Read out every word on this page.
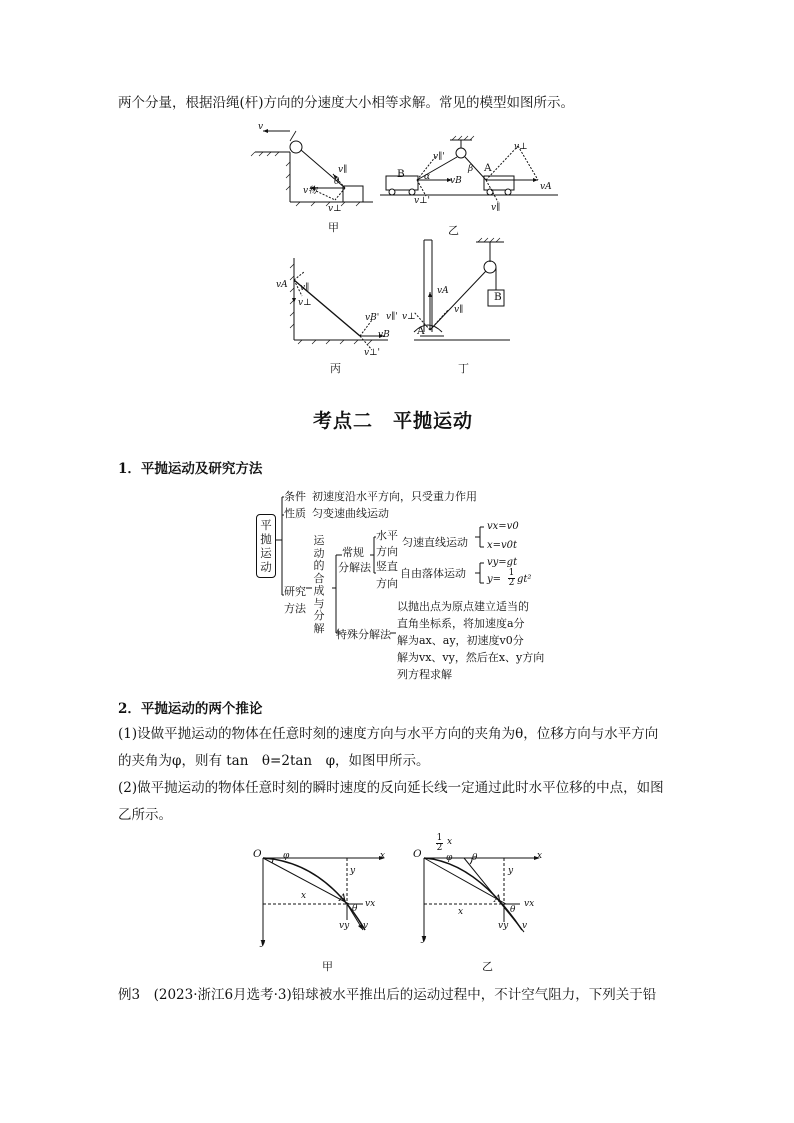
两个分量，根据沿绳(杆)方向的分速度大小相等求解。常见的模型如图所示。
v
v∥
θ
v物
v⊥
甲
v∥'
B α vB
v⊥'
β A
vA
v⊥
v∥
乙
vA v∥
v⊥
vB'
vB
v⊥'
v∥'
丙
B
vA
v∥
v⊥
A
丁
考点二　平抛运动
1．平抛运动及研究方法
平抛运动
条件 初速度沿水平方向，只受重力作用
性质 匀变速曲线运动
研究
方法
运动的合成与分解
常规
分解法
水平
方向
匀速直线运动
竖直
方向
自由落体运动
vx=v0
x=v0t
vy=gt
y=
1
2 gt²
特殊分解法
以抛出点为原点建立适当的
直角坐标系，将加速度a分
解为ax、ay，初速度v0分
解为vx、vy，然后在x、y方向
列方程求解
2．平抛运动的两个推论
(1)设做平抛运动的物体在任意时刻的速度方向与水平方向的夹角为θ，位移方向与水平方向
的夹角为φ，则有 tan　θ=2tan　φ，如图甲所示。
(2)做平抛运动的物体任意时刻的瞬时速度的反向延长线一定通过此时水平位移的中点，如图
乙所示。
O φ	x
y
x	A
θ vx
vy v
y
甲
$\frac{1}{2}$ x
O	φ θ	x
y
x
A
θ
vx
vy v
y
乙
例3　(2023·浙江6月选考·3)铅球被水平推出后的运动过程中，不计空气阻力，下列关于铅
